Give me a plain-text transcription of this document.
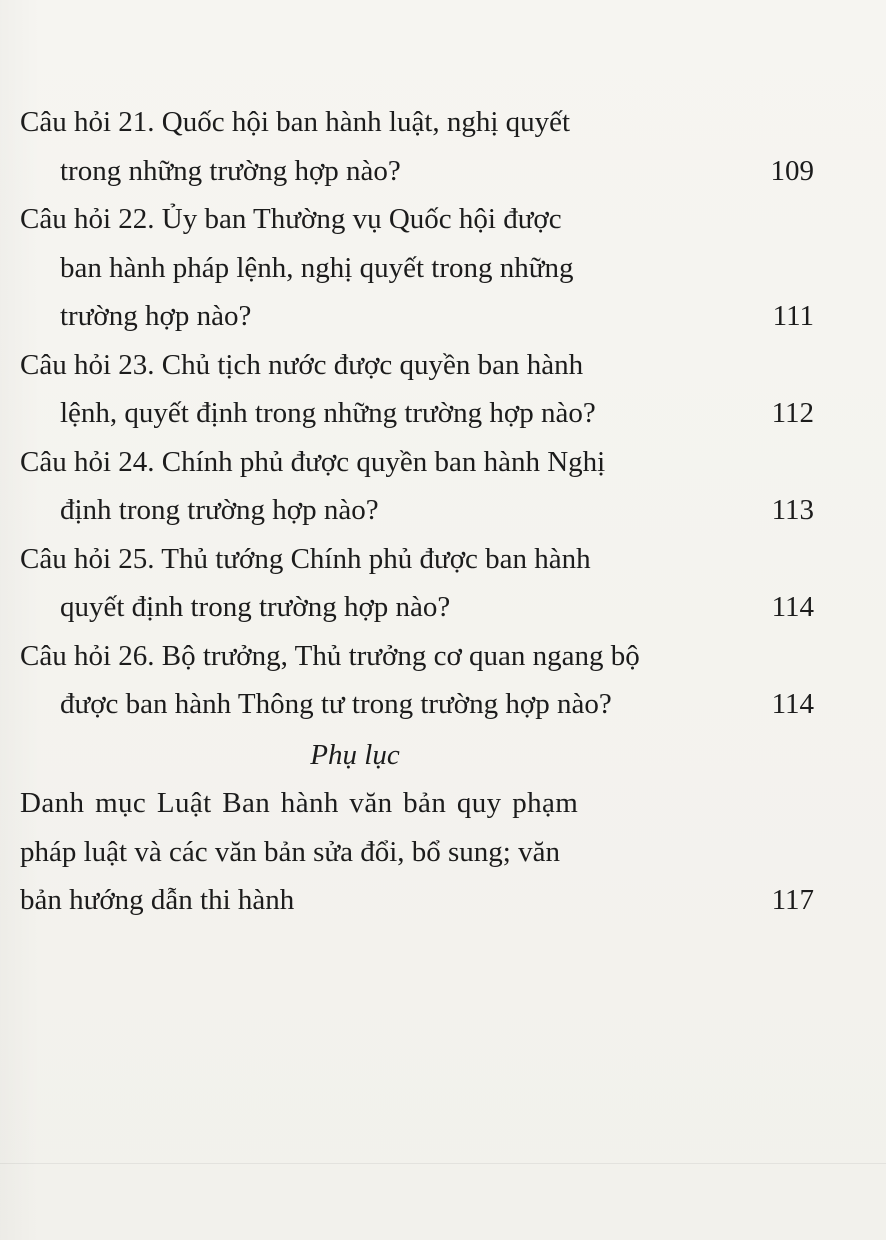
Câu hỏi 21. Quốc hội ban hành luật, nghị quyết
trong những trường hợp nào?	109
Câu hỏi 22. Ủy ban Thường vụ Quốc hội được
ban hành pháp lệnh, nghị quyết trong những
trường hợp nào?	111
Câu hỏi 23. Chủ tịch nước được quyền ban hành
lệnh, quyết định trong những trường hợp nào?	112
Câu hỏi 24. Chính phủ được quyền ban hành Nghị
định trong trường hợp nào?	113
Câu hỏi 25. Thủ tướng Chính phủ được ban hành
quyết định trong trường hợp nào?	114
Câu hỏi 26. Bộ trưởng, Thủ trưởng cơ quan ngang bộ
được ban hành Thông tư trong trường hợp nào?	114
Phụ lục
Danh mục Luật Ban hành văn bản quy phạm
pháp luật và các văn bản sửa đổi, bổ sung; văn
bản hướng dẫn thi hành	117
